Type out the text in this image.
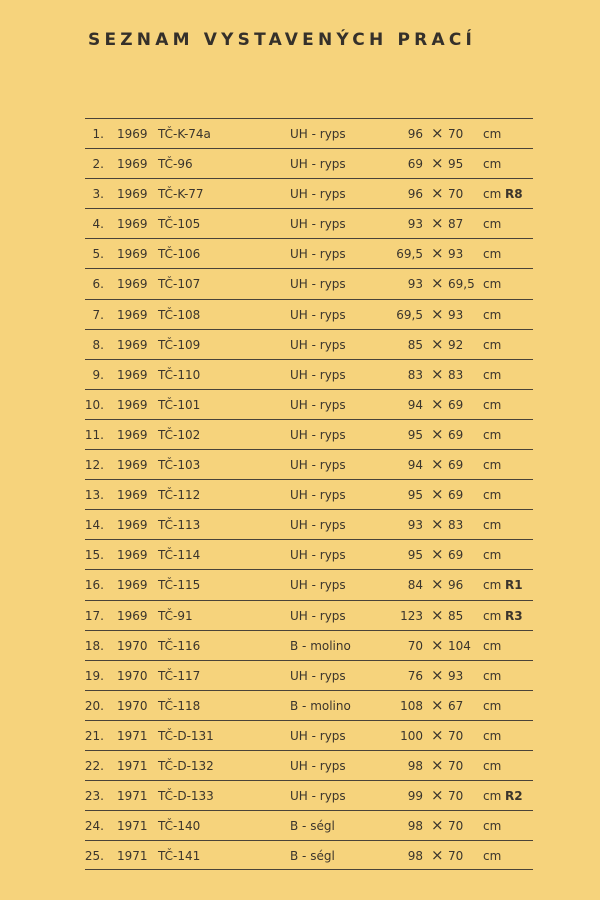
SEZNAM VYSTAVENÝCH PRACÍ
1. 1969 TČ-K-74a	UH - ryps	96 × 70 cm
2. 1969 TČ-96	UH - ryps	69 × 95 cm
3. 1969 TČ-K-77	UH - ryps	96 × 70 cm R8
4. 1969 TČ-105	UH - ryps	93 × 87 cm
5. 1969 TČ-106	UH - ryps	69,5 × 93 cm
6. 1969 TČ-107	UH - ryps	93 × 69,5 cm
7. 1969 TČ-108	UH - ryps	69,5 × 93 cm
8. 1969 TČ-109	UH - ryps	85 × 92 cm
9. 1969 TČ-110	UH - ryps	83 × 83 cm
10. 1969 TČ-101	UH - ryps	94 × 69 cm
11. 1969 TČ-102	UH - ryps	95 × 69 cm
12. 1969 TČ-103	UH - ryps	94 × 69 cm
13. 1969 TČ-112	UH - ryps	95 × 69 cm
14. 1969 TČ-113	UH - ryps	93 × 83 cm
15. 1969 TČ-114	UH - ryps	95 × 69 cm
16. 1969 TČ-115	UH - ryps	84 × 96 cm R1
17. 1969 TČ-91	UH - ryps	123 × 85 cm R3
18. 1970 TČ-116	B - molino	70 × 104 cm
19. 1970 TČ-117	UH - ryps	76 × 93 cm
20. 1970 TČ-118	B - molino	108 × 67 cm
21. 1971 TČ-D-131	UH - ryps	100 × 70 cm
22. 1971 TČ-D-132	UH - ryps	98 × 70 cm
23. 1971 TČ-D-133	UH - ryps	99 × 70 cm R2
24. 1971 TČ-140	B - ségl	98 × 70 cm
25. 1971 TČ-141	B - ségl	98 × 70 cm
